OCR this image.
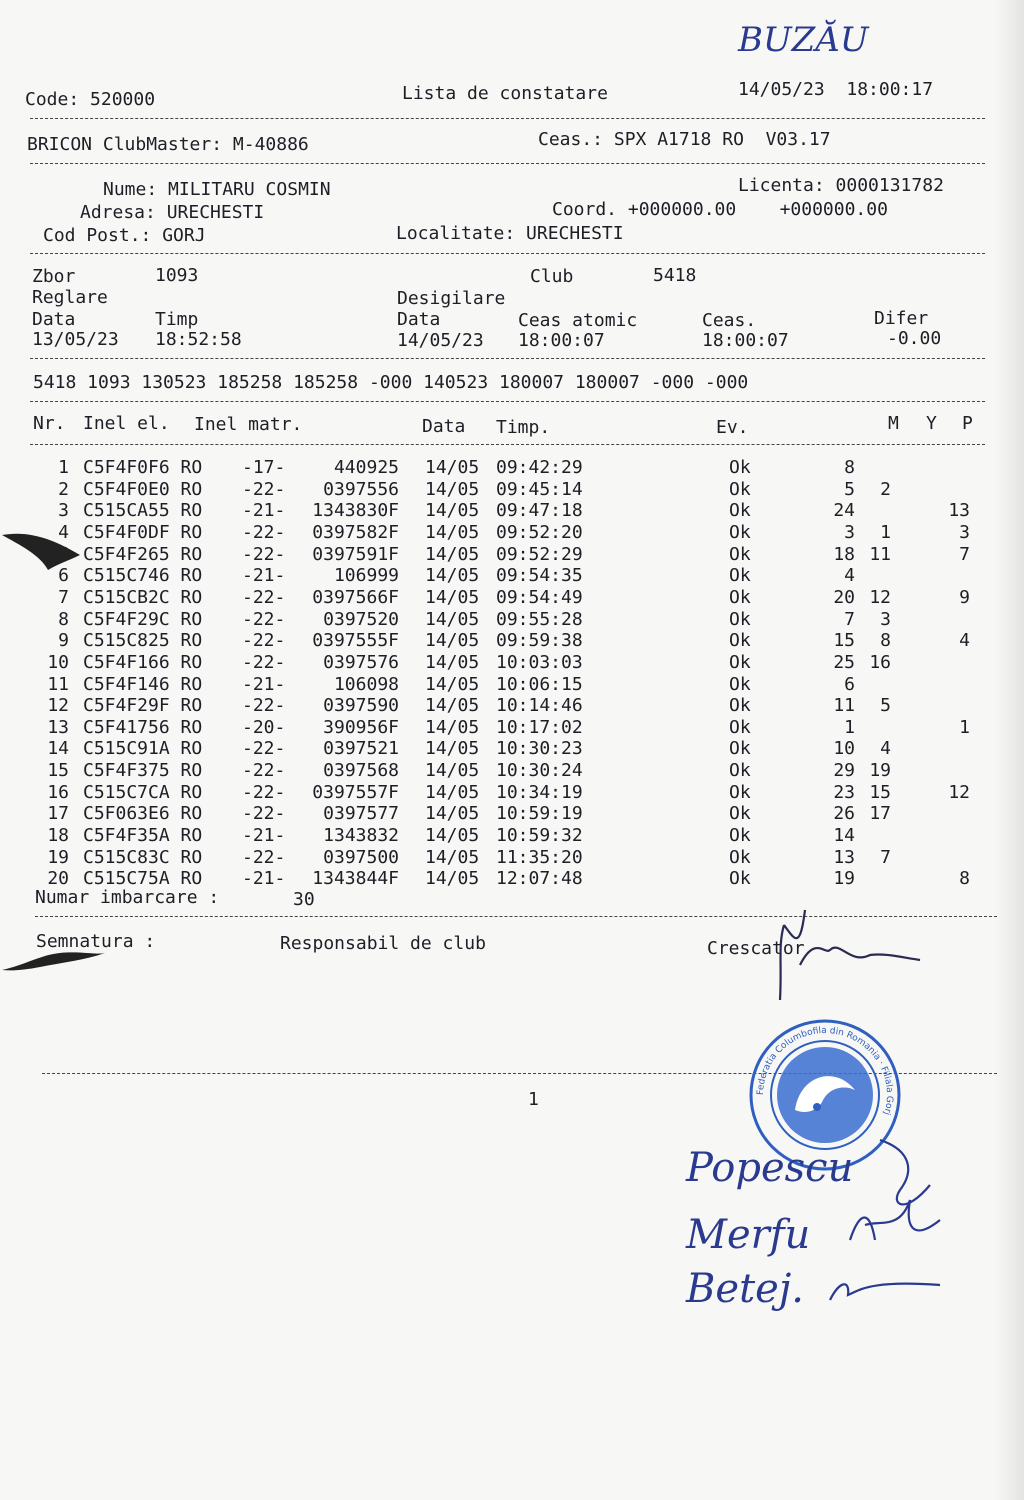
BUZĂU
Code: 520000	Lista de constatare	14/05/23  18:00:17
BRICON ClubMaster: M-40886	Ceas.: SPX A1718 RO  V03.17
Nume: MILITARU COSMIN	Licenta: 0000131782
Adresa: URECHESTI	Coord. +000000.00    +000000.00
Cod Post.: GORJ	Localitate: URECHESTI
Zbor	1093	Club	5418
Reglare	Desigilare
Data	Timp	Data	Ceas atomic	Ceas.	Difer
13/05/23 18:52:58	14/05/23 18:00:07	18:00:07	-0.00
5418 1093 130523 185258 185258 -000 140523 180007 180007 -000 -000
Nr. Inel el. Inel matr.	Data Timp.	Ev.	M Y P
1 C5F4F0F6 RO -17-	440925 14/05 09:42:29	Ok	8
2 C5F4F0E0 RO -22- 0397556 14/05 09:45:14	Ok	5 2
3 C515CA55 RO -21- 1343830F 14/05 09:47:18	Ok	24	13
4 C5F4F0DF RO -22- 0397582F 14/05 09:52:20	Ok	3 1	3
C5F4F265 RO -22- 0397591F 14/05 09:52:29	Ok	18 11	7
6 C515C746 RO -21-	106999 14/05 09:54:35	Ok	4
7 C515CB2C RO -22- 0397566F 14/05 09:54:49	Ok	20 12	9
8 C5F4F29C RO -22- 0397520 14/05 09:55:28	Ok	7 3
9 C515C825 RO -22- 0397555F 14/05 09:59:38	Ok	15 8	4
10 C5F4F166 RO -22- 0397576 14/05 10:03:03	Ok	25 16
11 C5F4F146 RO -21-	106098 14/05 10:06:15	Ok	6
12 C5F4F29F RO -22- 0397590 14/05 10:14:46	Ok	11 5
13 C5F41756 RO -20- 390956F 14/05 10:17:02	Ok	1	1
14 C515C91A RO -22- 0397521 14/05 10:30:23	Ok	10 4
15 C5F4F375 RO -22- 0397568 14/05 10:30:24	Ok	29 19
16 C515C7CA RO -22- 0397557F 14/05 10:34:19	Ok	23 15	12
17 C5F063E6 RO -22- 0397577 14/05 10:59:19	Ok	26 17
18 C5F4F35A RO -21- 1343832 14/05 10:59:32	Ok	14
19 C515C83C RO -22- 0397500 14/05 11:35:20	Ok	13 7
20 C515C75A RO -21- 1343844F 14/05 12:07:48	Ok	19	8
Numar imbarcare :	30
Semnatura :	Responsabil de club	Crescator
1	Federatia Columbofila din Romania · Filiala Gorj
Popescu
Merfu
Betej.
